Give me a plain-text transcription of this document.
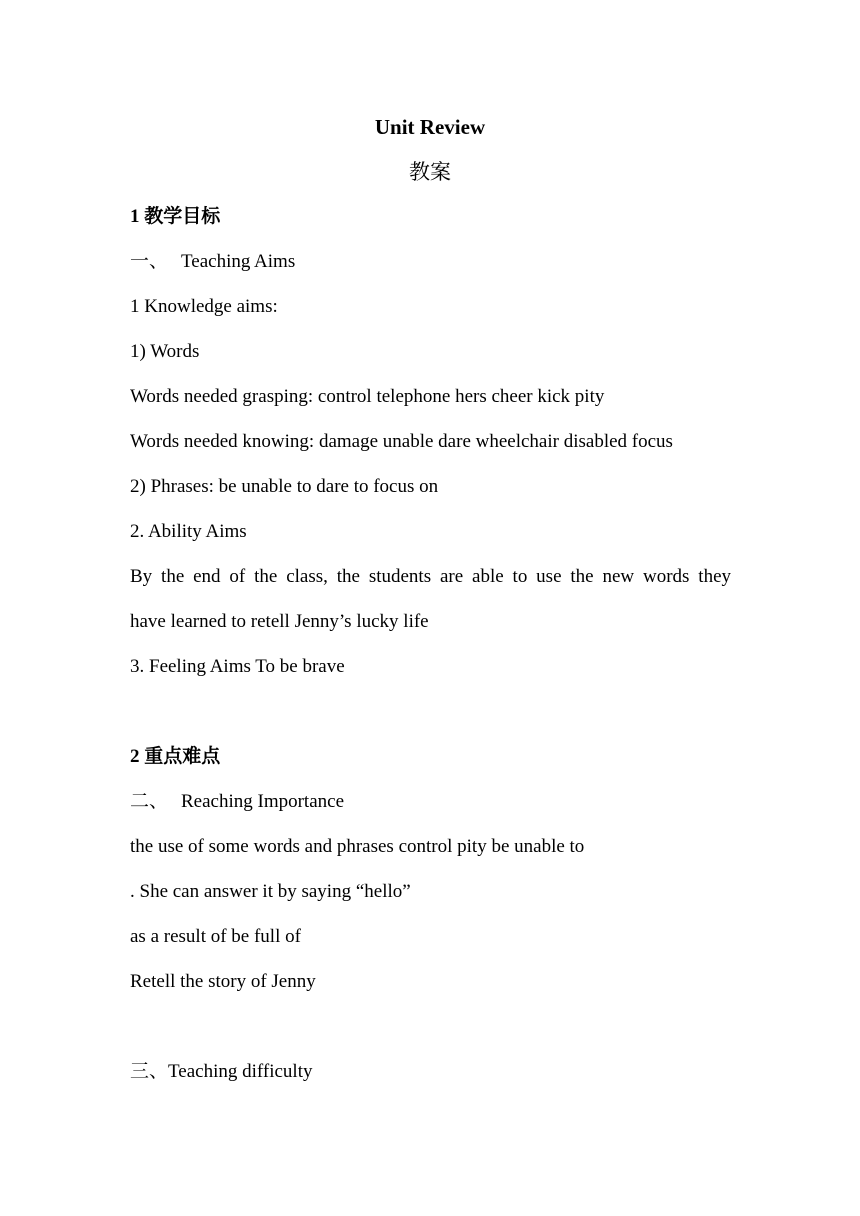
Unit Review
教案
1 教学目标
一、 Teaching Aims
1 Knowledge aims:
1) Words
Words needed grasping: control telephone hers cheer kick pity
Words needed knowing: damage unable dare wheelchair disabled focus
2) Phrases: be unable to dare to focus on
2. Ability Aims
By the end of the class, the students are able to use the new words they
have learned to retell Jenny’s lucky life
3. Feeling Aims To be brave
2 重点难点
二、 Reaching Importance
the use of some words and phrases control pity be unable to
. She can answer it by saying “hello”
as a result of be full of
Retell the story of Jenny
三、Teaching difficulty
